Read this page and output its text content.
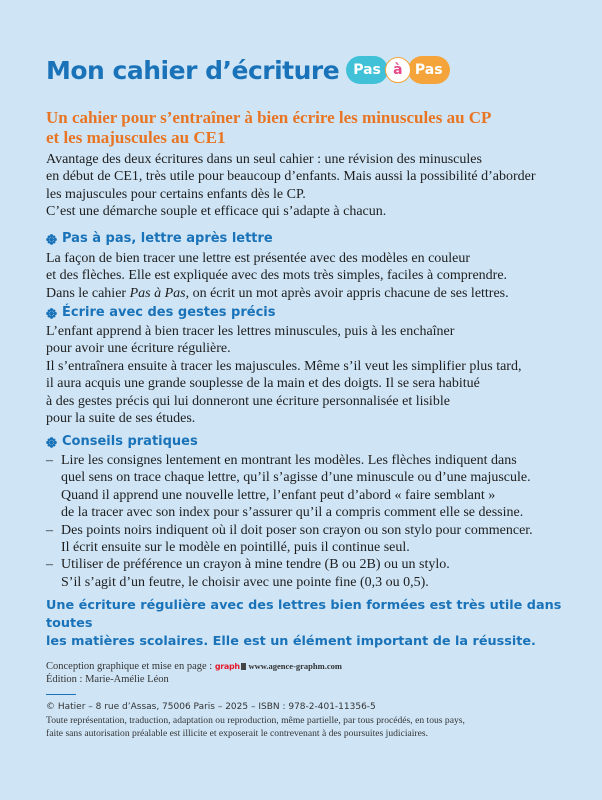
Mon cahier d’écriture	Pas à Pas
Un cahier pour s’entraîner à bien écrire les minuscules au CP
et les majuscules au CE1
Avantage des deux écritures dans un seul cahier : une révision des minuscules
en début de CE1, très utile pour beaucoup d’enfants. Mais aussi la possibilité d’aborder
les majuscules pour certains enfants dès le CP.
C’est une démarche souple et efficace qui s’adapte à chacun.
Pas à pas, lettre après lettre
La façon de bien tracer une lettre est présentée avec des modèles en couleur
et des flèches. Elle est expliquée avec des mots très simples, faciles à comprendre.
Dans le cahier Pas à Pas, on écrit un mot après avoir appris chacune de ses lettres.
Écrire avec des gestes précis
L’enfant apprend à bien tracer les lettres minuscules, puis à les enchaîner
pour avoir une écriture régulière.
Il s’entraînera ensuite à tracer les majuscules. Même s’il veut les simplifier plus tard,
il aura acquis une grande souplesse de la main et des doigts. Il se sera habitué
à des gestes précis qui lui donneront une écriture personnalisée et lisible
pour la suite de ses études.
Conseils pratiques
– Lire les consignes lentement en montrant les modèles. Les flèches indiquent dans
quel sens on trace chaque lettre, qu’il s’agisse d’une minuscule ou d’une majuscule.
Quand il apprend une nouvelle lettre, l’enfant peut d’abord « faire semblant »
de la tracer avec son index pour s’assurer qu’il a compris comment elle se dessine.
– Des points noirs indiquent où il doit poser son crayon ou son stylo pour commencer.
Il écrit ensuite sur le modèle en pointillé, puis il continue seul.
– Utiliser de préférence un crayon à mine tendre (B ou 2B) ou un stylo.
S’il s’agit d’un feutre, le choisir avec une pointe fine (0,3 ou 0,5).
Une écriture régulière avec des lettres bien formées est très utile dans toutes
les matières scolaires. Elle est un élément important de la réussite.
Conception graphique et mise en page : graph www.agence-graphm.com
Édition : Marie-Amélie Léon
© Hatier – 8 rue d’Assas, 75006 Paris – 2025 – ISBN : 978-2-401-11356-5
Toute représentation, traduction, adaptation ou reproduction, même partielle, par tous procédés, en tous pays,
faite sans autorisation préalable est illicite et exposerait le contrevenant à des poursuites judiciaires.
